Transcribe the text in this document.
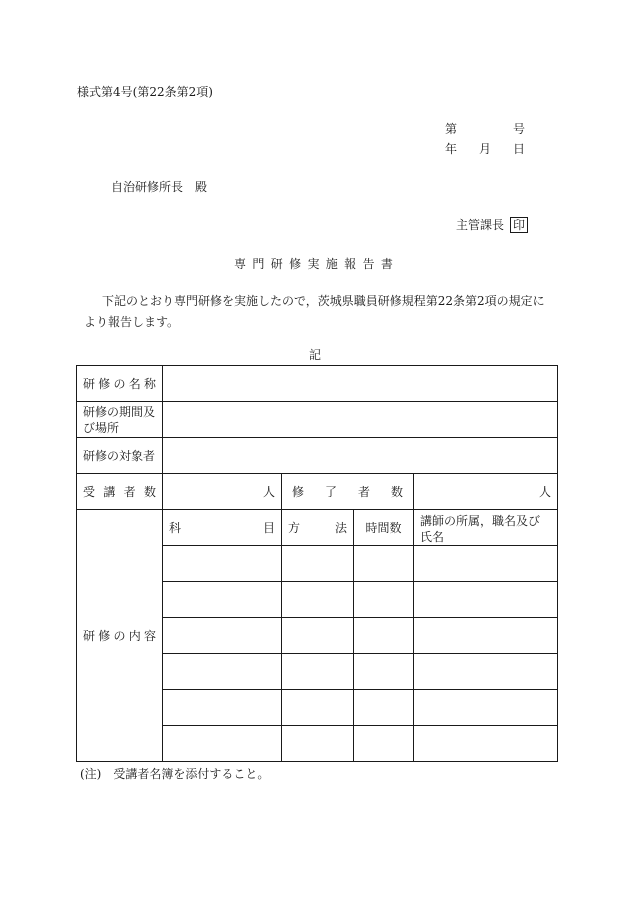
様式第4号(第22条第2項)
第	号
年 月 日
自治研修所長　殿
主管課長 印
専 門 研 修 実 施 報 告 書

下記のとおり専門研修を実施したので，茨城県職員研修規程第22条第2項の規定により報告します。

記
研 修 の 名 称				

研修の期間及び場所				
研修の対象者				

受 講 者 数	人	修 了 者 数		人

研 修 の 内 容	科 目	方 法	時間数	講師の所属，職名及び氏名

(注)　受講者名簿を添付すること。
